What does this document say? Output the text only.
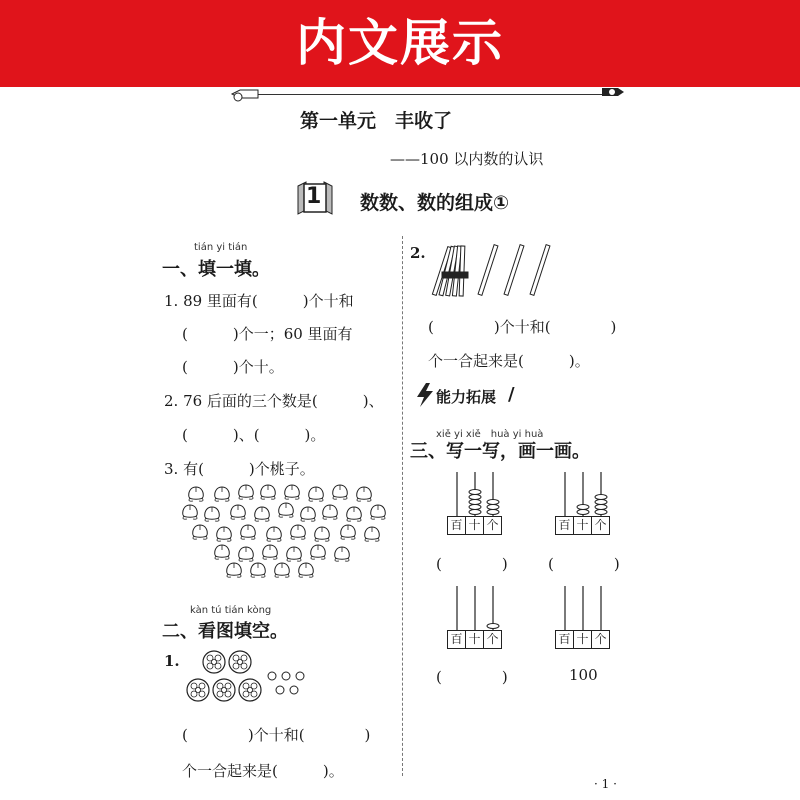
内文展示
第一单元　丰收了
——100 以内数的认识
1 数数、数的组成①
tián yi tián
一、填一填。
1. 89 里面有(　　　)个十和
(　　　)个一；60 里面有
(　　　)个十。
2. 76 后面的三个数是(　　　)、
(　　　)、(　　　)。
3. 有(　　　)个桃子。
kàn tú tián kòng
二、看图填空。
1.
(　　　　)个十和(　　　　)
个一合起来是(　　　)。
2.
(　　　　)个十和(　　　　)
个一合起来是(　　　)。
能力拓展 /
xiě yi xiě　huà yi huà
三、写一写，画一画。
百 十 个
(　　　　)
百 十 个
(　　　　)
百 十 个
(　　　　)
百 十 个
100
· 1 ·
